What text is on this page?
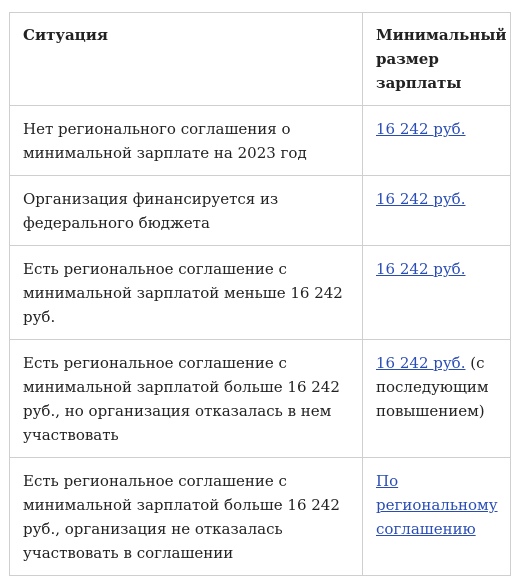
Ситуация	Минимальный размер зарплаты
Нет регионального соглашения о минимальной зарплате на 2023 год	16 242 руб.
Организация финансируется из федерального бюджета	16 242 руб.
Есть региональное соглашение с минимальной зарплатой меньше 16 242 руб.	16 242 руб.
Есть региональное соглашение с минимальной зарплатой больше 16 242 руб., но организация отказалась в нем участвовать	16 242 руб. (с последующим повышением)
Есть региональное соглашение с минимальной зарплатой больше 16 242 руб., организация не отказалась участвовать в соглашении	По региональному соглашению
